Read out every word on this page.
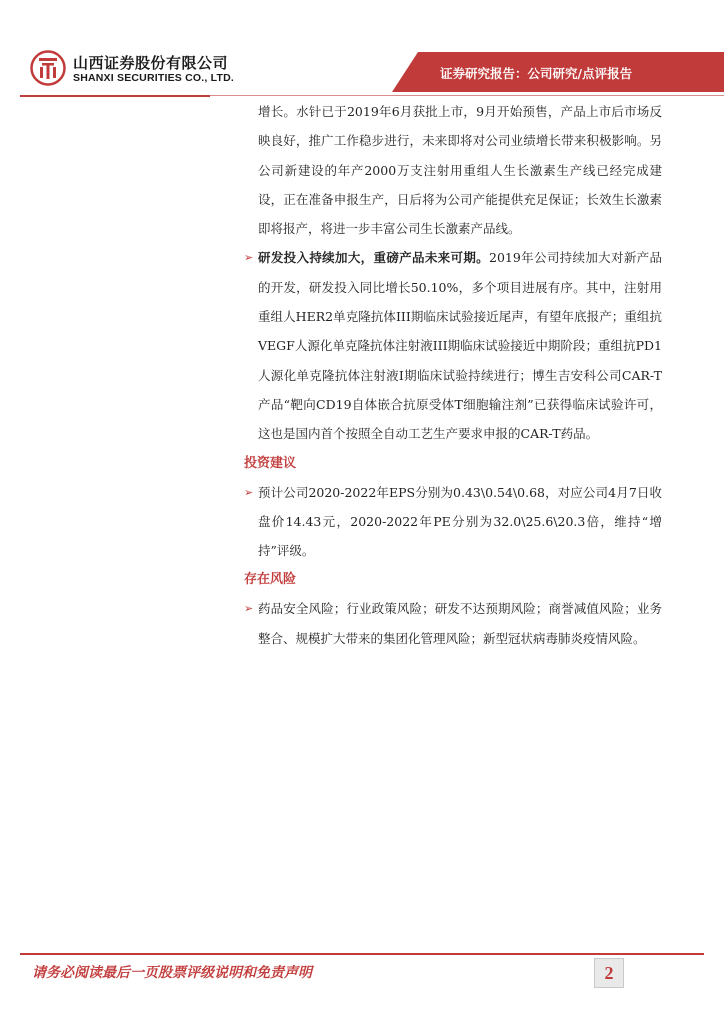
山西证券股份有限公司
SHANXI SECURITIES CO., LTD.	证券研究报告：公司研究/点评报告

增长。水针已于2019年6月获批上市，9月开始预售，产品上市后市场反映良好，推广工作稳步进行，未来即将对公司业绩增长带来积极影响。另公司新建设的年产2000万支注射用重组人生长激素生产线已经完成建设，正在准备申报生产，日后将为公司产能提供充足保证；长效生长激素即将报产，将进一步丰富公司生长激素产品线。

➢ 研发投入持续加大，重磅产品未来可期。2019年公司持续加大对新产品的开发，研发投入同比增长50.10%，多个项目进展有序。其中，注射用重组人HER2单克隆抗体III期临床试验接近尾声，有望年底报产；重组抗VEGF人源化单克隆抗体注射液III期临床试验接近中期阶段；重组抗PD1人源化单克隆抗体注射液I期临床试验持续进行；博生吉安科公司CAR-T产品“靶向CD19自体嵌合抗原受体T细胞输注剂”已获得临床试验许可，这也是国内首个按照全自动工艺生产要求申报的CAR-T药品。

投资建议

➢ 预计公司2020-2022年EPS分别为0.43\0.54\0.68，对应公司4月7日收盘价14.43元，2020-2022年PE分别为32.0\25.6\20.3倍，维持“增持”评级。

存在风险

➢ 药品安全风险；行业政策风险；研发不达预期风险；商誉减值风险；业务整合、规模扩大带来的集团化管理风险；新型冠状病毒肺炎疫情风险。

请务必阅读最后一页股票评级说明和免责声明	2
